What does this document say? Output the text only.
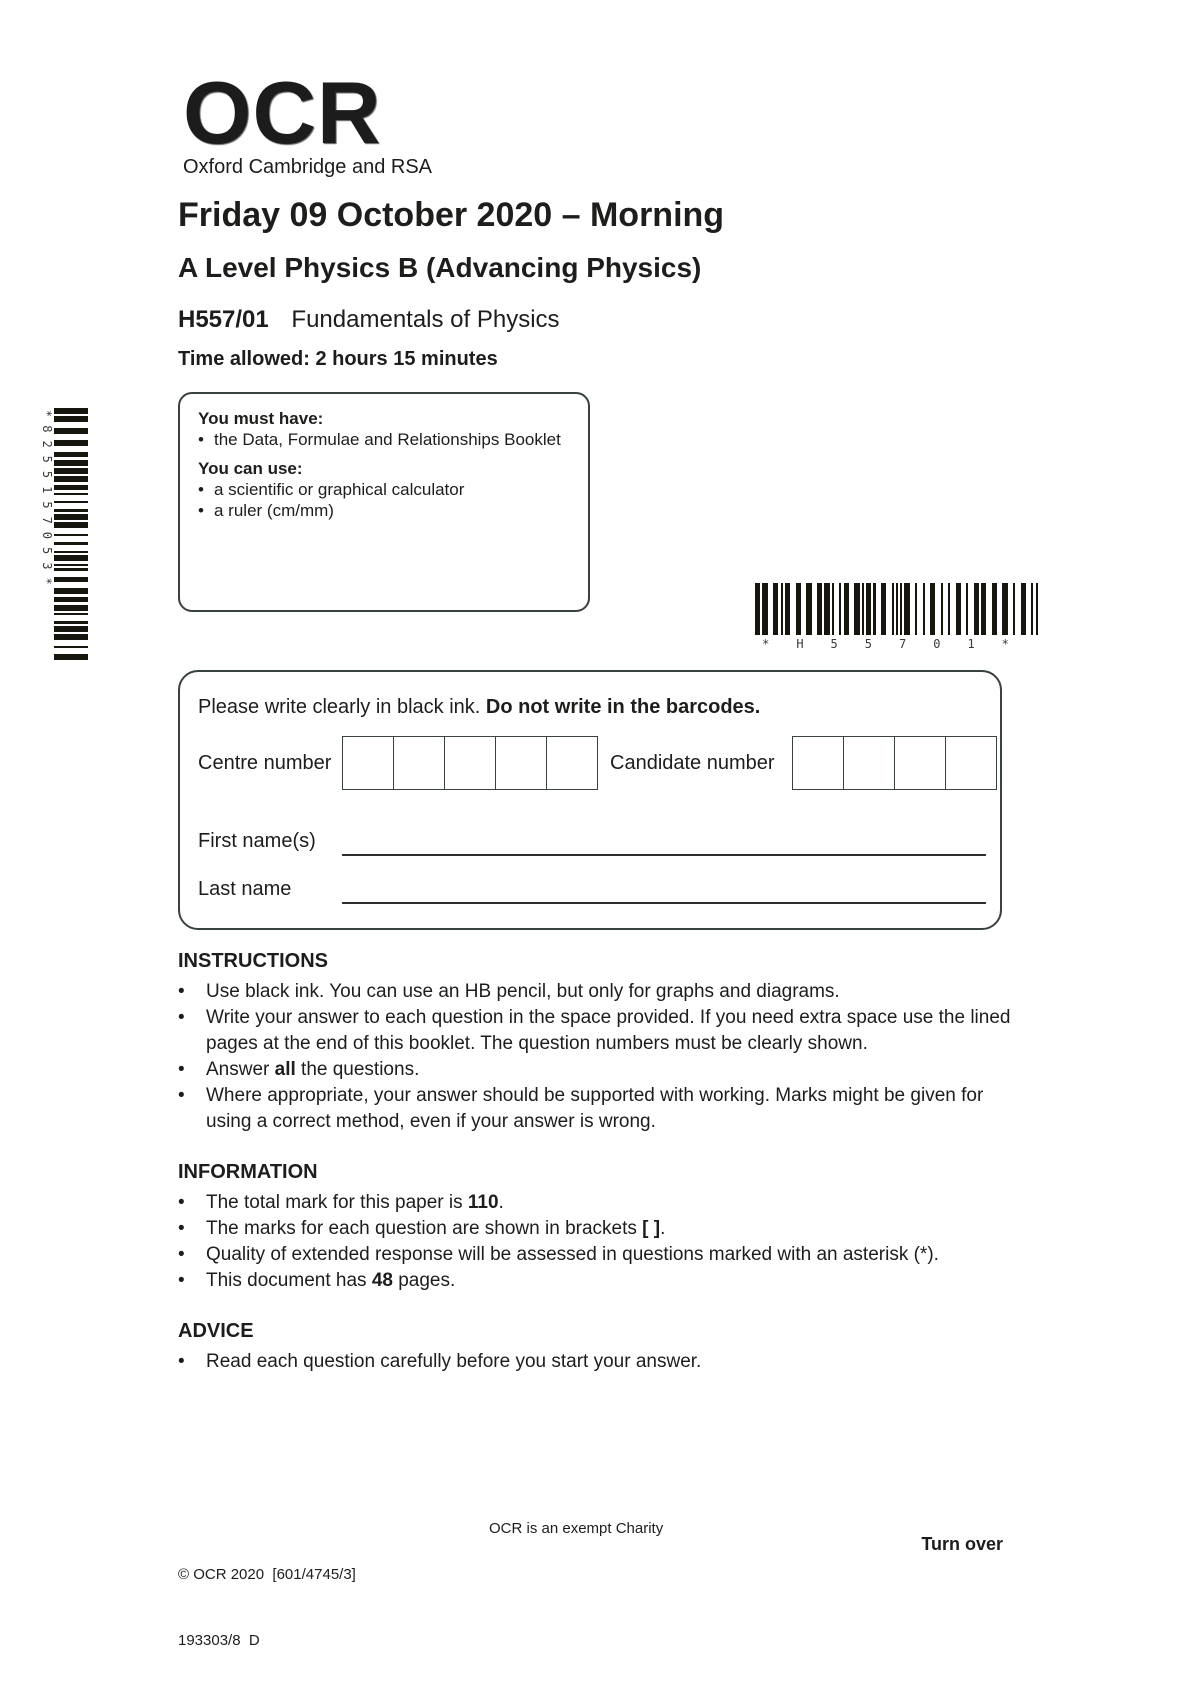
OCR
Oxford Cambridge and RSA
Friday 09 October 2020 – Morning
A Level Physics B (Advancing Physics)
H557/01 Fundamentals of Physics
Time allowed: 2 hours 15 minutes
You must have:
• the Data, Formulae and Relationships Booklet
You can use:
• a scientific or graphical calculator
• a ruler (cm/mm)
*8255157053*
*H55701*
Please write clearly in black ink. Do not write in the barcodes.
Centre number	Candidate number
First name(s)
Last name
INSTRUCTIONS
•	Use black ink. You can use an HB pencil, but only for graphs and diagrams.
•	Write your answer to each question in the space provided. If you need extra space use the lined pages at the end of this booklet. The question numbers must be clearly shown.
•	Answer all the questions.
•	Where appropriate, your answer should be supported with working. Marks might be given for using a correct method, even if your answer is wrong.
INFORMATION
•	The total mark for this paper is 110.
•	The marks for each question are shown in brackets [ ].
•	Quality of extended response will be assessed in questions marked with an asterisk (*).
•	This document has 48 pages.
ADVICE
•	Read each question carefully before you start your answer.

© OCR 2020  [601/4745/3]

193303/8  D

OCR is an exempt Charity
Turn over
